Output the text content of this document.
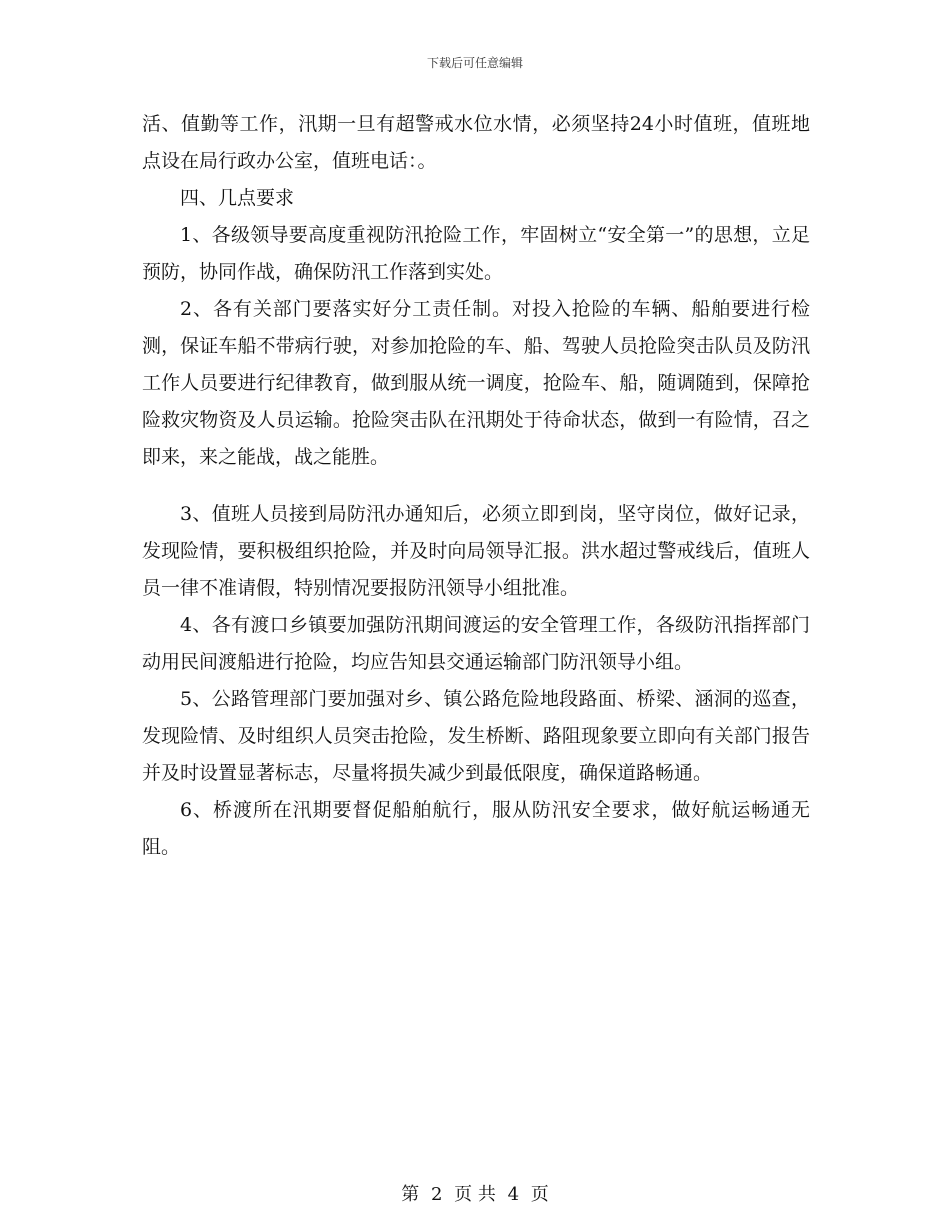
下载后可任意编辑

活、值勤等工作，汛期一旦有超警戒水位水情，必须坚持24小时值班，值班地点设在局行政办公室，值班电话：。

四、几点要求

1、各级领导要高度重视防汛抢险工作，牢固树立“安全第一”的思想，立足预防，协同作战，确保防汛工作落到实处。

2、各有关部门要落实好分工责任制。对投入抢险的车辆、船舶要进行检测，保证车船不带病行驶，对参加抢险的车、船、驾驶人员抢险突击队员及防汛工作人员要进行纪律教育，做到服从统一调度，抢险车、船，随调随到，保障抢险救灾物资及人员运输。抢险突击队在汛期处于待命状态，做到一有险情，召之即来，来之能战，战之能胜。

3、值班人员接到局防汛办通知后，必须立即到岗，坚守岗位，做好记录，发现险情，要积极组织抢险，并及时向局领导汇报。洪水超过警戒线后，值班人员一律不准请假，特别情况要报防汛领导小组批准。

4、各有渡口乡镇要加强防汛期间渡运的安全管理工作，各级防汛指挥部门动用民间渡船进行抢险，均应告知县交通运输部门防汛领导小组。

5、公路管理部门要加强对乡、镇公路危险地段路面、桥梁、涵洞的巡查，发现险情、及时组织人员突击抢险，发生桥断、路阻现象要立即向有关部门报告并及时设置显著标志，尽量将损失减少到最低限度，确保道路畅通。

6、桥渡所在汛期要督促船舶航行，服从防汛安全要求，做好航运畅通无阻。

第 2 页 共 4 页
